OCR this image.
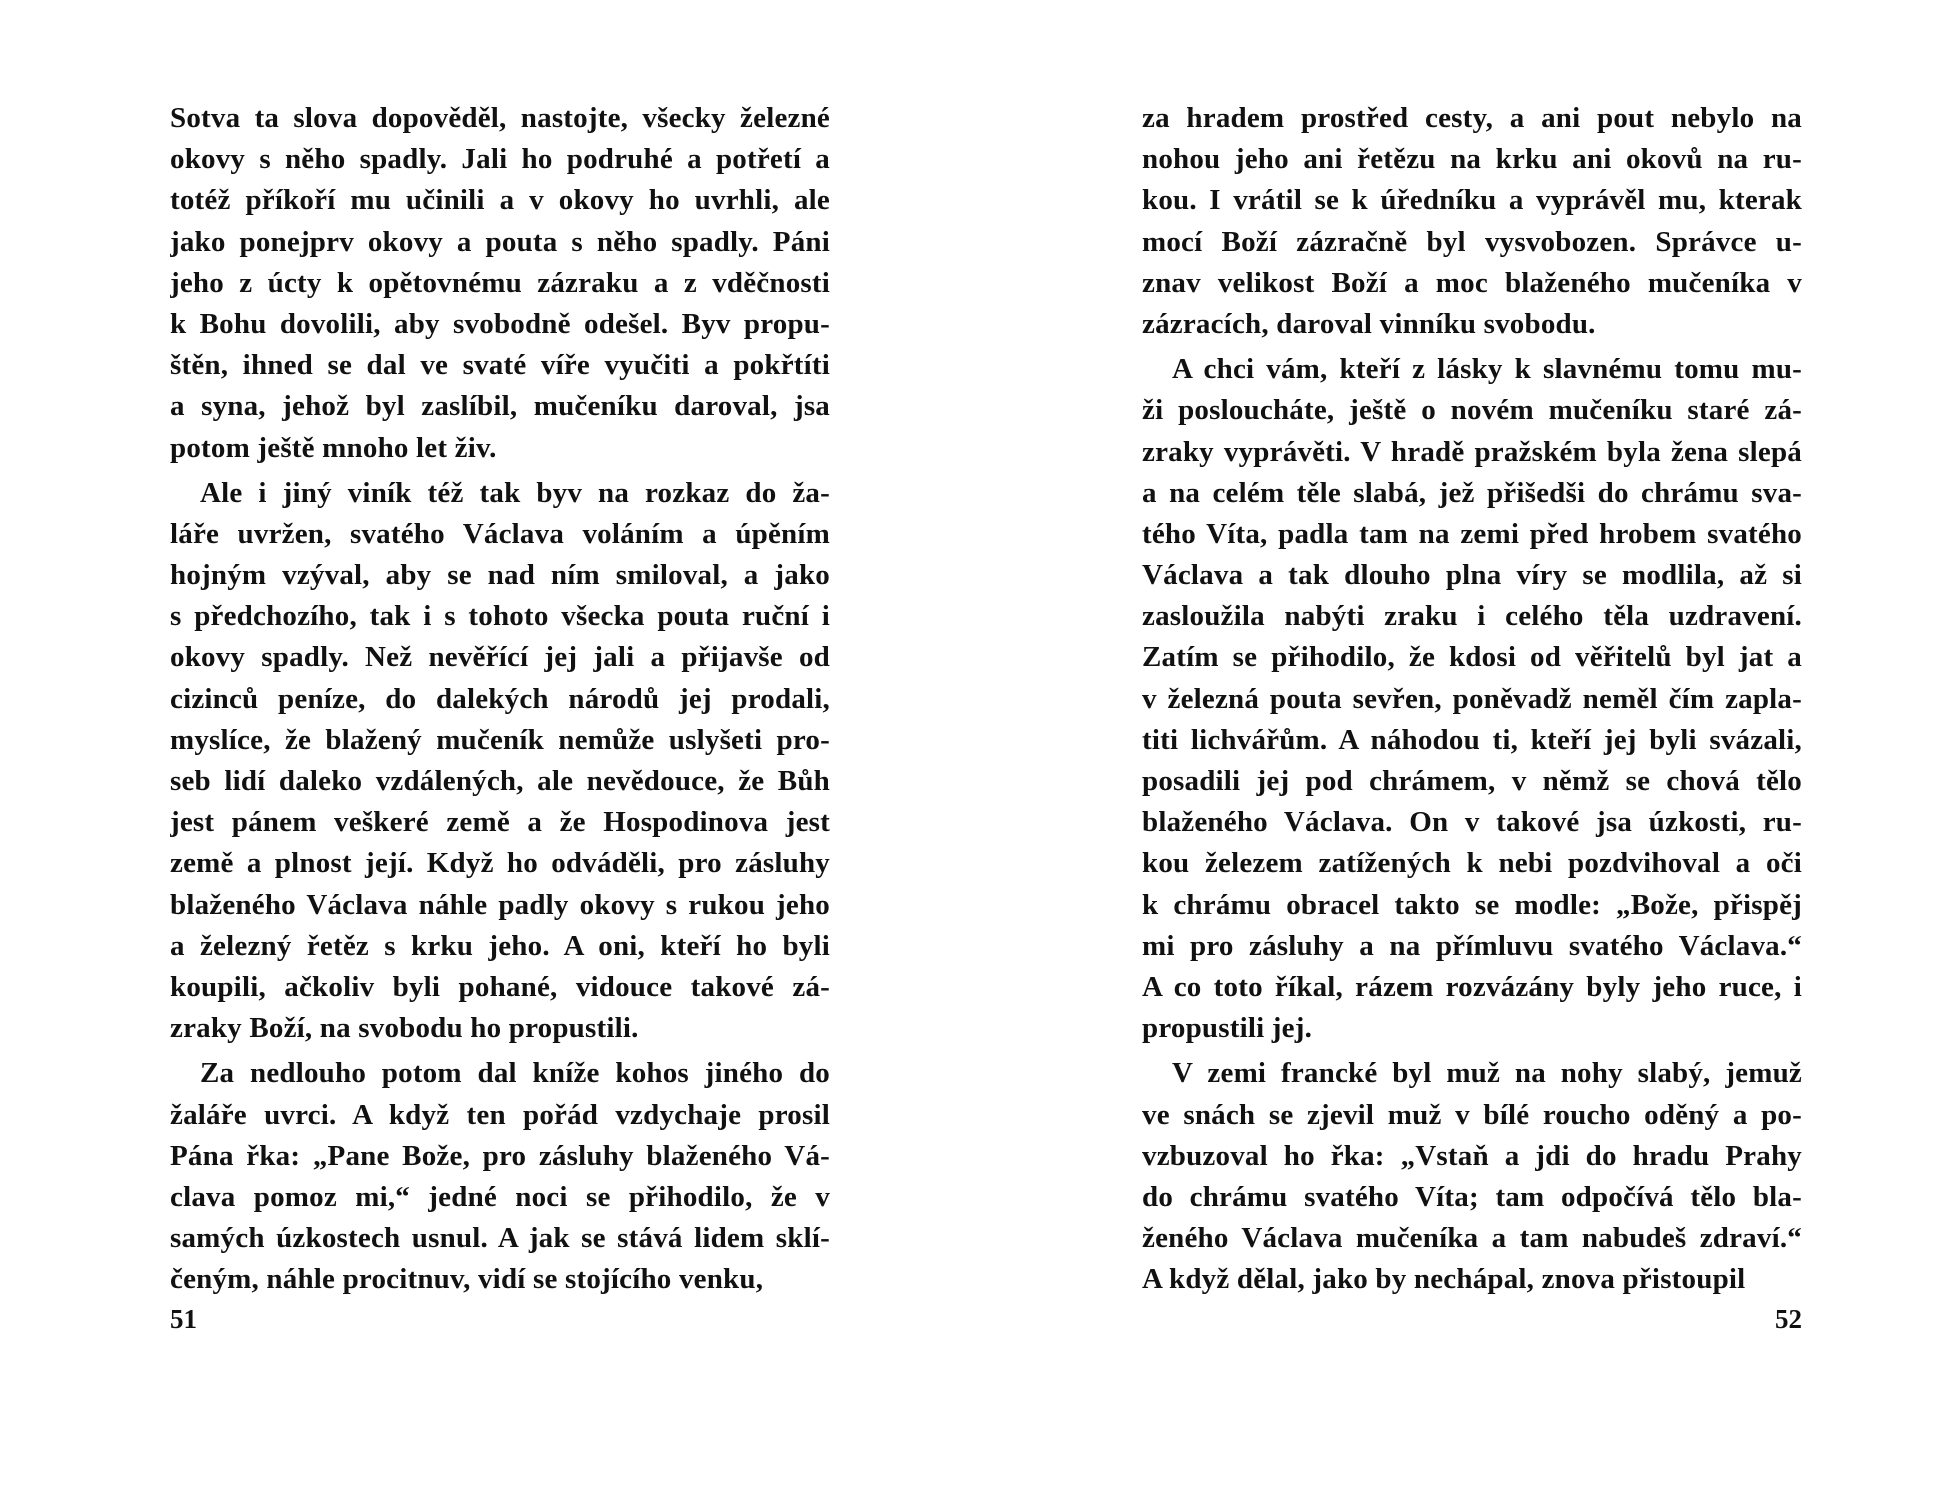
Sotva ta slova dopověděl, nastojte, všecky železné
okovy s něho spadly. Jali ho podruhé a potřetí a
totéž příkoří mu učinili a v okovy ho uvrhli, ale
jako ponejprv okovy a pouta s něho spadly. Páni
jeho z úcty k opětovnému zázraku a z vděčnosti
k Bohu dovolili, aby svobodně odešel. Byv propu-
štěn, ihned se dal ve svaté víře vyučiti a pokřtíti
a syna, jehož byl zaslíbil, mučeníku daroval, jsa
potom ještě mnoho let živ.
Ale i jiný viník též tak byv na rozkaz do ža-
láře uvržen, svatého Václava voláním a úpěním
hojným vzýval, aby se nad ním smiloval, a jako
s předchozího, tak i s tohoto všecka pouta ruční i
okovy spadly. Než nevěřící jej jali a přijavše od
cizinců peníze, do dalekých národů jej prodali,
myslíce, že blažený mučeník nemůže uslyšeti pro-
seb lidí daleko vzdálených, ale nevědouce, že Bůh
jest pánem veškeré země a že Hospodinova jest
země a plnost její. Když ho odváděli, pro zásluhy
blaženého Václava náhle padly okovy s rukou jeho
a železný řetěz s krku jeho. A oni, kteří ho byli
koupili, ačkoliv byli pohané, vidouce takové zá-
zraky Boží, na svobodu ho propustili.
Za nedlouho potom dal kníže kohos jiného do
žaláře uvrci. A když ten pořád vzdychaje prosil
Pána řka: „Pane Bože, pro zásluhy blaženého Vá-
clava pomoz mi,“ jedné noci se přihodilo, že v
samých úzkostech usnul. A jak se stává lidem sklí-
čeným, náhle procitnuv, vidí se stojícího venku,
51
za hradem prostřed cesty, a ani pout nebylo na
nohou jeho ani řetězu na krku ani okovů na ru-
kou. I vrátil se k úředníku a vyprávěl mu, kterak
mocí Boží zázračně byl vysvobozen. Správce u-
znav velikost Boží a moc blaženého mučeníka v
zázracích, daroval vinníku svobodu.
A chci vám, kteří z lásky k slavnému tomu mu-
ži posloucháte, ještě o novém mučeníku staré zá-
zraky vyprávěti. V hradě pražském byla žena slepá
a na celém těle slabá, jež přišedši do chrámu sva-
tého Víta, padla tam na zemi před hrobem svatého
Václava a tak dlouho plna víry se modlila, až si
zasloužila nabýti zraku i celého těla uzdravení.
Zatím se přihodilo, že kdosi od věřitelů byl jat a
v železná pouta sevřen, poněvadž neměl čím zapla-
titi lichvářům. A náhodou ti, kteří jej byli svázali,
posadili jej pod chrámem, v němž se chová tělo
blaženého Václava. On v takové jsa úzkosti, ru-
kou železem zatížených k nebi pozdvihoval a oči
k chrámu obracel takto se modle: „Bože, přispěj
mi pro zásluhy a na přímluvu svatého Václava.“
A co toto říkal, rázem rozvázány byly jeho ruce, i
propustili jej.
V zemi francké byl muž na nohy slabý, jemuž
ve snách se zjevil muž v bílé roucho oděný a po-
vzbuzoval ho řka: „Vstaň a jdi do hradu Prahy
do chrámu svatého Víta; tam odpočívá tělo bla-
ženého Václava mučeníka a tam nabudeš zdraví.“
A když dělal, jako by nechápal, znova přistoupil
52
